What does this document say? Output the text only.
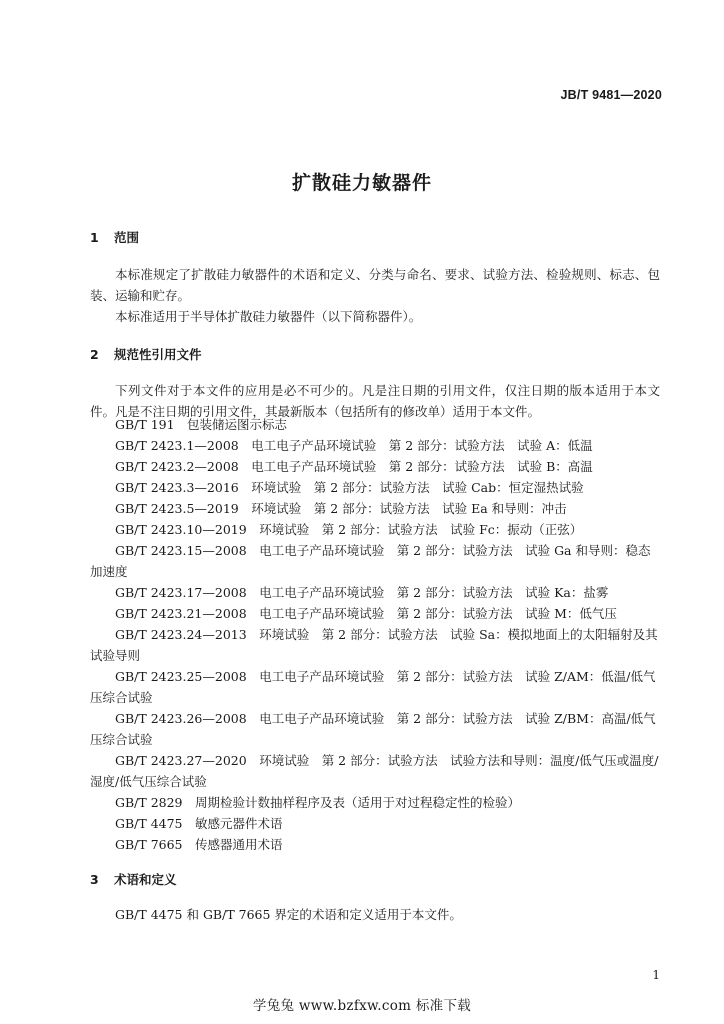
JB/T 9481—2020
扩散硅力敏器件
1 范围

本标准规定了扩散硅力敏器件的术语和定义、分类与命名、要求、试验方法、检验规则、标志、包装、运输和贮存。

本标准适用于半导体扩散硅力敏器件（以下简称器件）。

2 规范性引用文件

下列文件对于本文件的应用是必不可少的。凡是注日期的引用文件，仅注日期的版本适用于本文件。凡是不注日期的引用文件，其最新版本（包括所有的修改单）适用于本文件。

GB/T 191　包装储运图示标志

GB/T 2423.1—2008　电工电子产品环境试验　第 2 部分：试验方法　试验 A：低温

GB/T 2423.2—2008　电工电子产品环境试验　第 2 部分：试验方法　试验 B：高温

GB/T 2423.3—2016　环境试验　第 2 部分：试验方法　试验 Cab：恒定湿热试验

GB/T 2423.5—2019　环境试验　第 2 部分：试验方法　试验 Ea 和导则：冲击

GB/T 2423.10—2019　环境试验　第 2 部分：试验方法　试验 Fc：振动（正弦）

GB/T 2423.15—2008　电工电子产品环境试验　第 2 部分：试验方法　试验 Ga 和导则：稳态加速度

GB/T 2423.17—2008　电工电子产品环境试验　第 2 部分：试验方法　试验 Ka：盐雾

GB/T 2423.21—2008　电工电子产品环境试验　第 2 部分：试验方法　试验 M：低气压

GB/T 2423.24—2013　环境试验　第 2 部分：试验方法　试验 Sa：模拟地面上的太阳辐射及其试验导则

GB/T 2423.25—2008　电工电子产品环境试验　第 2 部分：试验方法　试验 Z/AM：低温/低气压综合试验

GB/T 2423.26—2008　电工电子产品环境试验　第 2 部分：试验方法　试验 Z/BM：高温/低气压综合试验

GB/T 2423.27—2020　环境试验　第 2 部分：试验方法　试验方法和导则：温度/低气压或温度/湿度/低气压综合试验

GB/T 2829　周期检验计数抽样程序及表（适用于对过程稳定性的检验）

GB/T 4475　敏感元器件术语

GB/T 7665　传感器通用术语

3 术语和定义

GB/T 4475 和 GB/T 7665 界定的术语和定义适用于本文件。

1
学兔兔 www.bzfxw.com 标准下载
